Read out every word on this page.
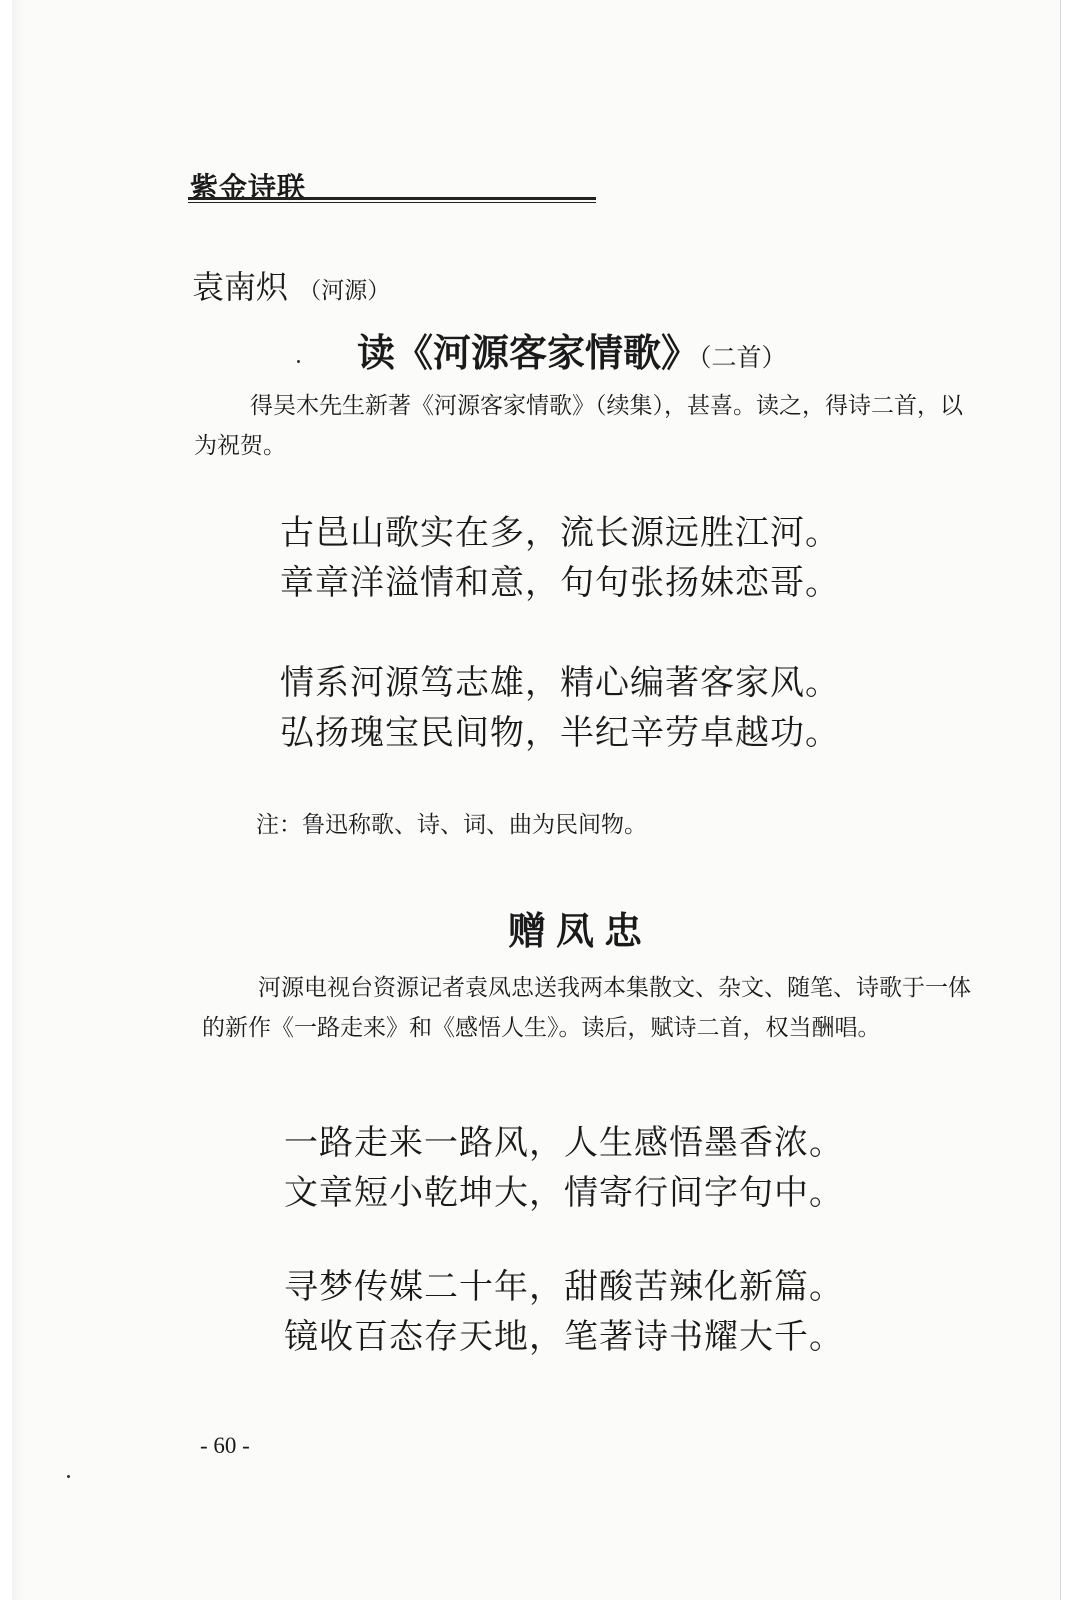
紫金诗联
袁南炽 （河源）
读《河源客家情歌》（二首）
得吴木先生新著《河源客家情歌》（续集），甚喜。读之，得诗二首，以为祝贺。
古邑山歌实在多，流长源远胜江河。
章章洋溢情和意，句句张扬妹恋哥。
情系河源笃志雄，精心编著客家风。
弘扬瑰宝民间物，半纪辛劳卓越功。
注：鲁迅称歌、诗、词、曲为民间物。
赠凤忠
河源电视台资源记者袁凤忠送我两本集散文、杂文、随笔、诗歌于一体的新作《一路走来》和《感悟人生》。读后，赋诗二首，权当酬唱。
一路走来一路风，人生感悟墨香浓。
文章短小乾坤大，情寄行间字句中。
寻梦传媒二十年，甜酸苦辣化新篇。
镜收百态存天地，笔著诗书耀大千。
- 60 -
